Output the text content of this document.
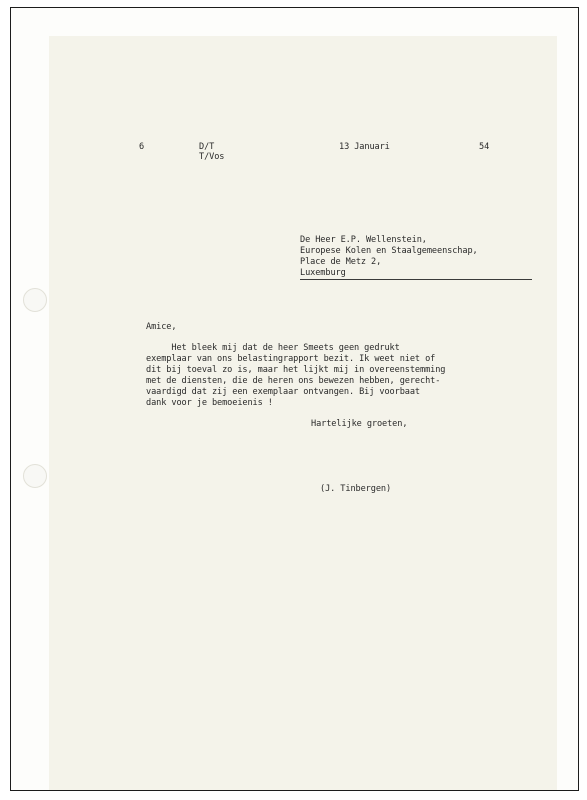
6	D/T

T/Vos

13 Januari	54

De Heer E.P. Wellenstein,

Europese Kolen en Staalgemeenschap,

Place de Metz 2,

Luxemburg

Amice,

Het bleek mij dat de heer Smeets geen gedrukt

exemplaar van ons belastingrapport bezit. Ik weet niet of

dit bij toeval zo is, maar het lijkt mij in overeenstemming

met de diensten, die de heren ons bewezen hebben, gerecht-

vaardigd dat zij een exemplaar ontvangen. Bij voorbaat

dank voor je bemoeienis !

Hartelijke groeten,

(J. Tinbergen)
